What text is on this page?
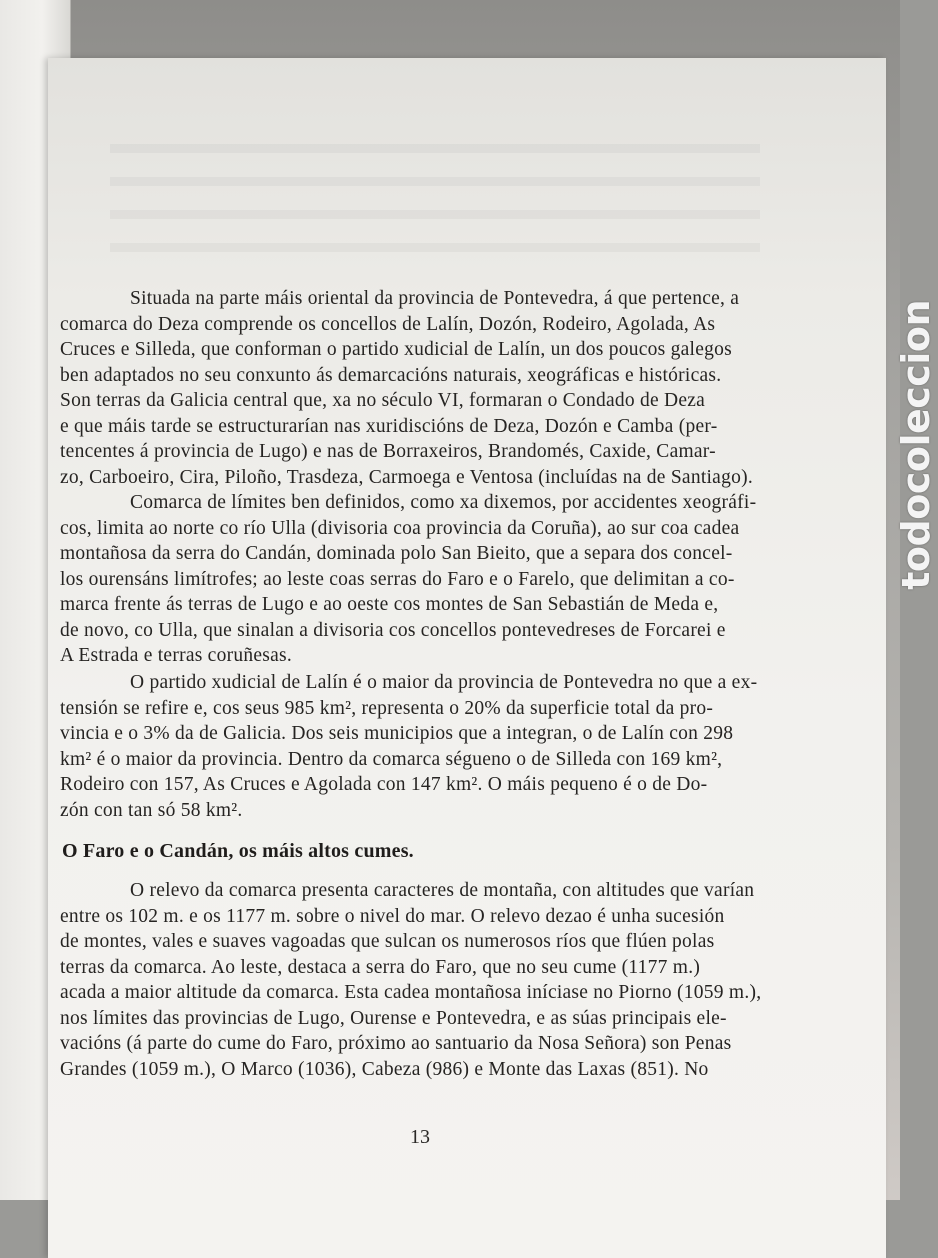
Situada na parte máis oriental da provincia de Pontevedra, á que pertence, a
comarca do Deza comprende os concellos de Lalín, Dozón, Rodeiro, Agolada, As
Cruces e Silleda, que conforman o partido xudicial de Lalín, un dos poucos galegos
ben adaptados no seu conxunto ás demarcacións naturais, xeográficas e históricas.
Son terras da Galicia central que, xa no século VI, formaran o Condado de Deza
e que máis tarde se estructurarían nas xuridiscións de Deza, Dozón e Camba (per-
tencentes á provincia de Lugo) e nas de Borraxeiros, Brandomés, Caxide, Camar-
zo, Carboeiro, Cira, Piloño, Trasdeza, Carmoega e Ventosa (incluídas na de Santiago).
Comarca de límites ben definidos, como xa dixemos, por accidentes xeográfi-
cos, limita ao norte co río Ulla (divisoria coa provincia da Coruña), ao sur coa cadea
montañosa da serra do Candán, dominada polo San Bieito, que a separa dos concel-
los ourensáns limítrofes; ao leste coas serras do Faro e o Farelo, que delimitan a co-
marca frente ás terras de Lugo e ao oeste cos montes de San Sebastián de Meda e,
de novo, co Ulla, que sinalan a divisoria cos concellos pontevedreses de Forcarei e
A Estrada e terras coruñesas.
O partido xudicial de Lalín é o maior da provincia de Pontevedra no que a ex-
tensión se refire e, cos seus 985 km², representa o 20% da superficie total da pro-
vincia e o 3% da de Galicia. Dos seis municipios que a integran, o de Lalín con 298
km² é o maior da provincia. Dentro da comarca ségueno o de Silleda con 169 km²,
Rodeiro con 157, As Cruces e Agolada con 147 km². O máis pequeno é o de Do-
zón con tan só 58 km².
O Faro e o Candán, os máis altos cumes.
O relevo da comarca presenta caracteres de montaña, con altitudes que varían
entre os 102 m. e os 1177 m. sobre o nivel do mar. O relevo dezao é unha sucesión
de montes, vales e suaves vagoadas que sulcan os numerosos ríos que flúen polas
terras da comarca. Ao leste, destaca a serra do Faro, que no seu cume (1177 m.)
acada a maior altitude da comarca. Esta cadea montañosa iníciase no Piorno (1059 m.),
nos límites das provincias de Lugo, Ourense e Pontevedra, e as súas principais ele-
vacións (á parte do cume do Faro, próximo ao santuario da Nosa Señora) son Penas
Grandes (1059 m.), O Marco (1036), Cabeza (986) e Monte das Laxas (851). No
13
todocoleccion
